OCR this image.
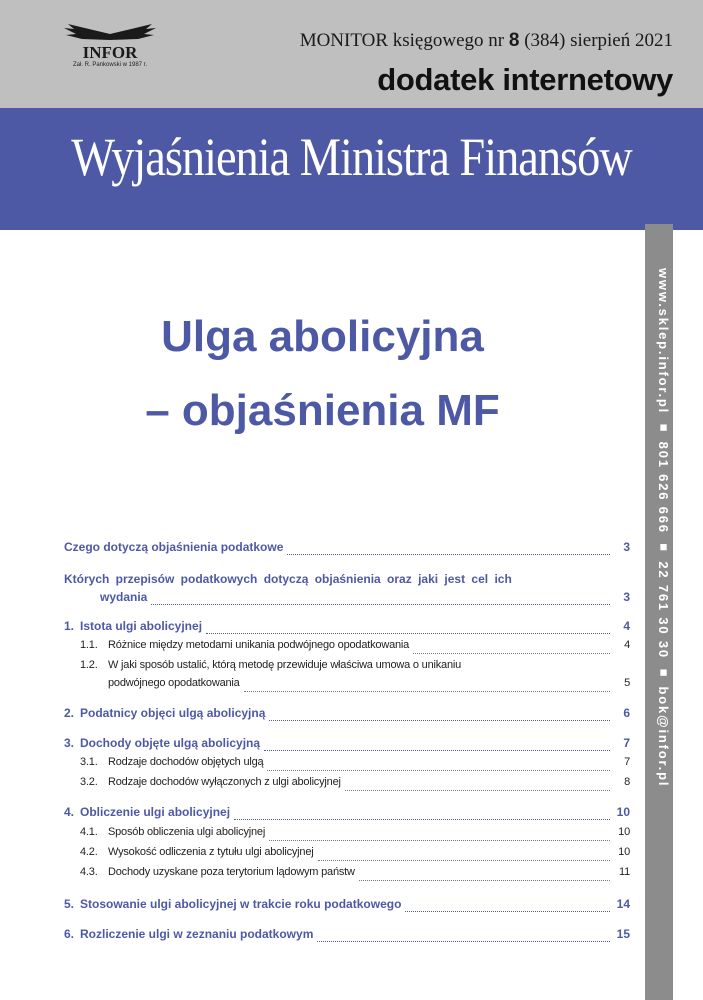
INFOR
Zał. R. Pankowski w 1987 r.
MONITOR księgowego nr 8 (384) sierpień 2021
dodatek internetowy
Wyjaśnienia Ministra Finansów
www.sklep.infor.pl ■ 801 626 666 ■ 22 761 30 30 ■ bok@infor.pl
Ulga abolicyjna
– objaśnienia MF
Czego dotyczą objaśnienia podatkowe	3
Których przepisów podatkowych dotyczą objaśnienia oraz jaki jest cel ich
wydania	3
1. Istota ulgi abolicyjnej	4
1.1. Różnice między metodami unikania podwójnego opodatkowania	4
1.2. W jaki sposób ustalić, którą metodę przewiduje właściwa umowa o unikaniu
podwójnego opodatkowania	5
2. Podatnicy objęci ulgą abolicyjną	6
3. Dochody objęte ulgą abolicyjną	7
3.1. Rodzaje dochodów objętych ulgą	7
3.2. Rodzaje dochodów wyłączonych z ulgi abolicyjnej	8
4. Obliczenie ulgi abolicyjnej	10
4.1. Sposób obliczenia ulgi abolicyjnej	10
4.2. Wysokość odliczenia z tytułu ulgi abolicyjnej	10
4.3. Dochody uzyskane poza terytorium lądowym państw	11
5. Stosowanie ulgi abolicyjnej w trakcie roku podatkowego	14
6. Rozliczenie ulgi w zeznaniu podatkowym	15
